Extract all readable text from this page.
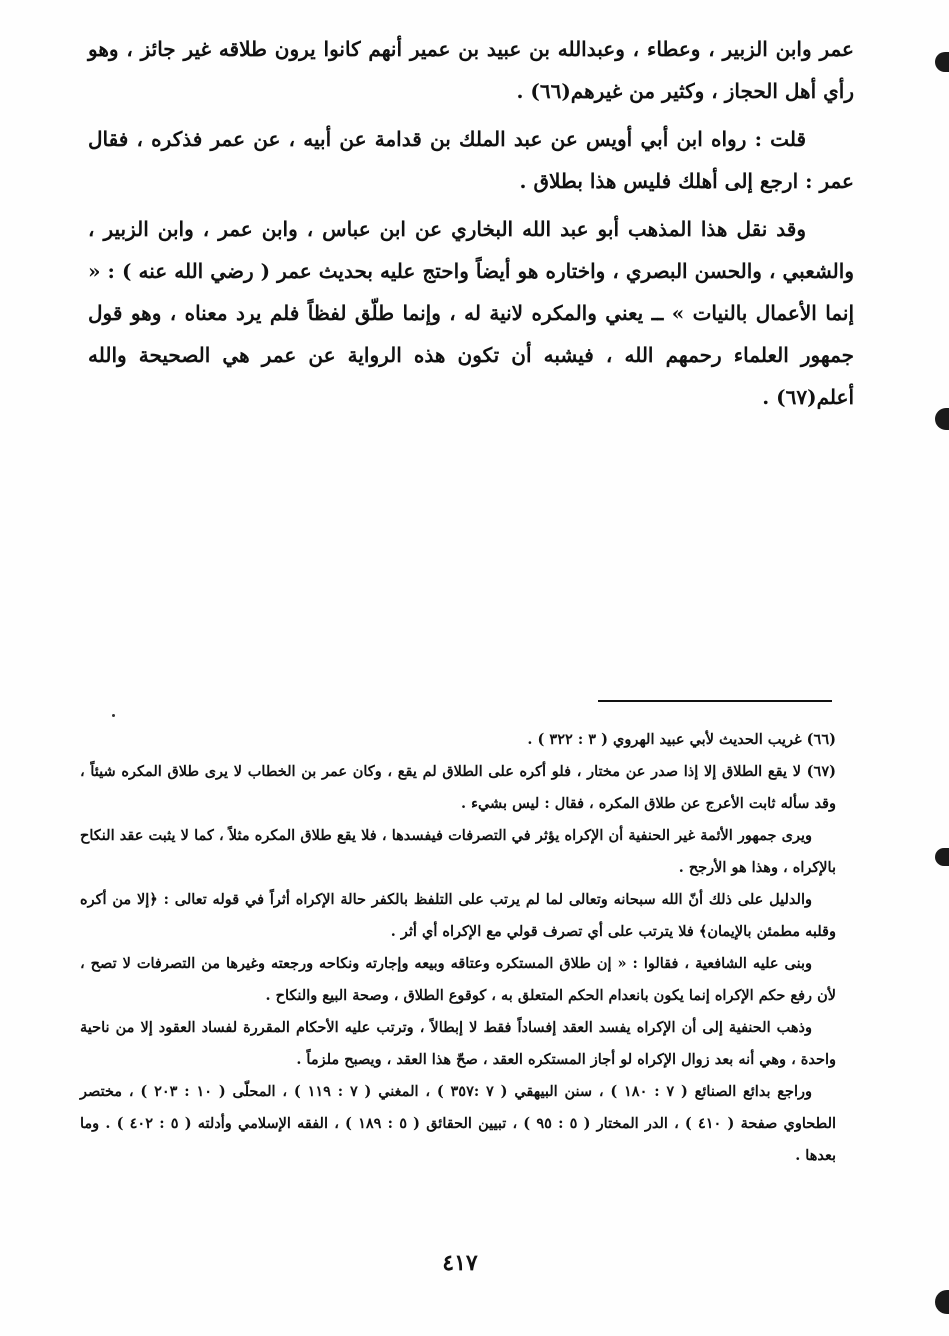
عمر وابن الزبير ، وعطاء ، وعبدالله بن عبيد بن عمير أنهم كانوا يرون طلاقه غير جائز ، وهو رأي أهل الحجاز ، وكثير من غيرهم(٦٦) .

قلت : رواه ابن أبي أويس عن عبد الملك بن قدامة عن أبيه ، عن عمر فذكره ، فقال عمر : ارجع إلى أهلك فليس هذا بطلاق .

وقد نقل هذا المذهب أبو عبد الله البخاري عن ابن عباس ، وابن عمر ، وابن الزبير ، والشعبي ، والحسن البصري ، واختاره هو أيضاً واحتج عليه بحديث عمر ( رضي الله عنه ) : « إنما الأعمال بالنيات » ــ يعني والمكره لانية له ، وإنما طلّق لفظاً فلم يرد معناه ، وهو قول جمهور العلماء رحمهم الله ، فيشبه أن تكون هذه الرواية عن عمر هي الصحيحة والله أعلم(٦٧) .

(٦٦) غريب الحديث لأبي عبيد الهروي ( ٣ : ٣٢٢ ) .

(٦٧) لا يقع الطلاق إلا إذا صدر عن مختار ، فلو أكره على الطلاق لم يقع ، وكان عمر بن الخطاب لا يرى طلاق المكره شيئاً ، وقد سأله ثابت الأعرج عن طلاق المكره ، فقال : ليس بشيء .

ويرى جمهور الأئمة غير الحنفية أن الإكراه يؤثر في التصرفات فيفسدها ، فلا يقع طلاق المكره مثلاً ، كما لا يثبت عقد النكاح بالإكراه ، وهذا هو الأرجح .

والدليل على ذلك أنّ الله سبحانه وتعالى لما لم يرتب على التلفظ بالكفر حالة الإكراه أثراً في قوله تعالى : ﴿إلا من أكره وقلبه مطمئن بالإيمان﴾ فلا يترتب على أي تصرف قولي مع الإكراه أي أثر .

وبنى عليه الشافعية ، فقالوا : « إن طلاق المستكره وعتاقه وبيعه وإجارته ونكاحه ورجعته وغيرها من التصرفات لا تصح ، لأن رفع حكم الإكراه إنما يكون بانعدام الحكم المتعلق به ، كوقوع الطلاق ، وصحة البيع والنكاح .

وذهب الحنفية إلى أن الإكراه يفسد العقد إفساداً فقط لا إبطالاً ، وترتب عليه الأحكام المقررة لفساد العقود إلا من ناحية واحدة ، وهي أنه بعد زوال الإكراه لو أجاز المستكره العقد ، صحّ هذا العقد ، ويصبح ملزماً .

وراجع بدائع الصنائع ( ٧ : ١٨٠ ) ، سنن البيهقي ( ٧ :٣٥٧ ) ، المغني ( ٧ : ١١٩ ) ، المحلّى ( ١٠ : ٢٠٣ ) ، مختصر الطحاوي صفحة ( ٤١٠ ) ، الدر المختار ( ٥ : ٩٥ ) ، تبيين الحقائق ( ٥ : ١٨٩ ) ، الفقه الإسلامي وأدلته ( ٥ : ٤٠٢ ) . وما بعدها .

٤١٧
